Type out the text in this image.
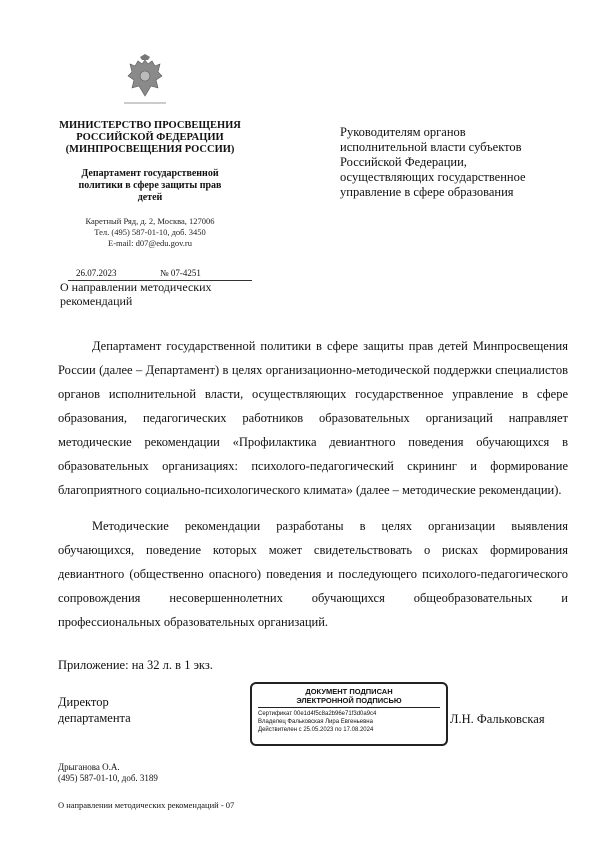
МИНИСТЕРСТВО ПРОСВЕЩЕНИЯ
РОССИЙСКОЙ ФЕДЕРАЦИИ
(МИНПРОСВЕЩЕНИЯ РОССИИ)
Департамент государственной
политики в сфере защиты прав
детей
Каретный Ряд, д. 2, Москва, 127006
Тел. (495) 587-01-10, доб. 3450
E-mail: d07@edu.gov.ru
26.07.2023	№ 07-4251
О направлении методических
рекомендаций
Руководителям органов
исполнительной власти субъектов
Российской Федерации,
осуществляющих государственное
управление в сфере образования
Департамент государственной политики в сфере защиты прав детей Минпросвещения России (далее – Департамент) в целях организационно-методической поддержки специалистов органов исполнительной власти, осуществляющих государственное управление в сфере образования, педагогических работников образовательных организаций направляет методические рекомендации «Профилактика девиантного поведения обучающихся в образовательных организациях: психолого-педагогический скрининг и формирование благоприятного социально-психологического климата» (далее – методические рекомендации).
Методические рекомендации разработаны в целях организации выявления обучающихся, поведение которых может свидетельствовать о рисках формирования девиантного (общественно опасного) поведения и последующего психолого-педагогического сопровождения несовершеннолетних обучающихся общеобразовательных и профессиональных образовательных организаций.
Приложение: на 32 л. в 1 экз.
Директор
департамента
ДОКУМЕНТ ПОДПИСАН
ЭЛЕКТРОННОЙ ПОДПИСЬЮ
Сертификат 00e1d4f5c8a2b96e71f3d0a9c4
Владелец Фальковская Лира Евгеньевна
Действителен с 25.05.2023 по 17.08.2024
Л.Н. Фальковская
Дрыганова О.А.
(495) 587-01-10, доб. 3189
О направлении методических рекомендаций - 07
